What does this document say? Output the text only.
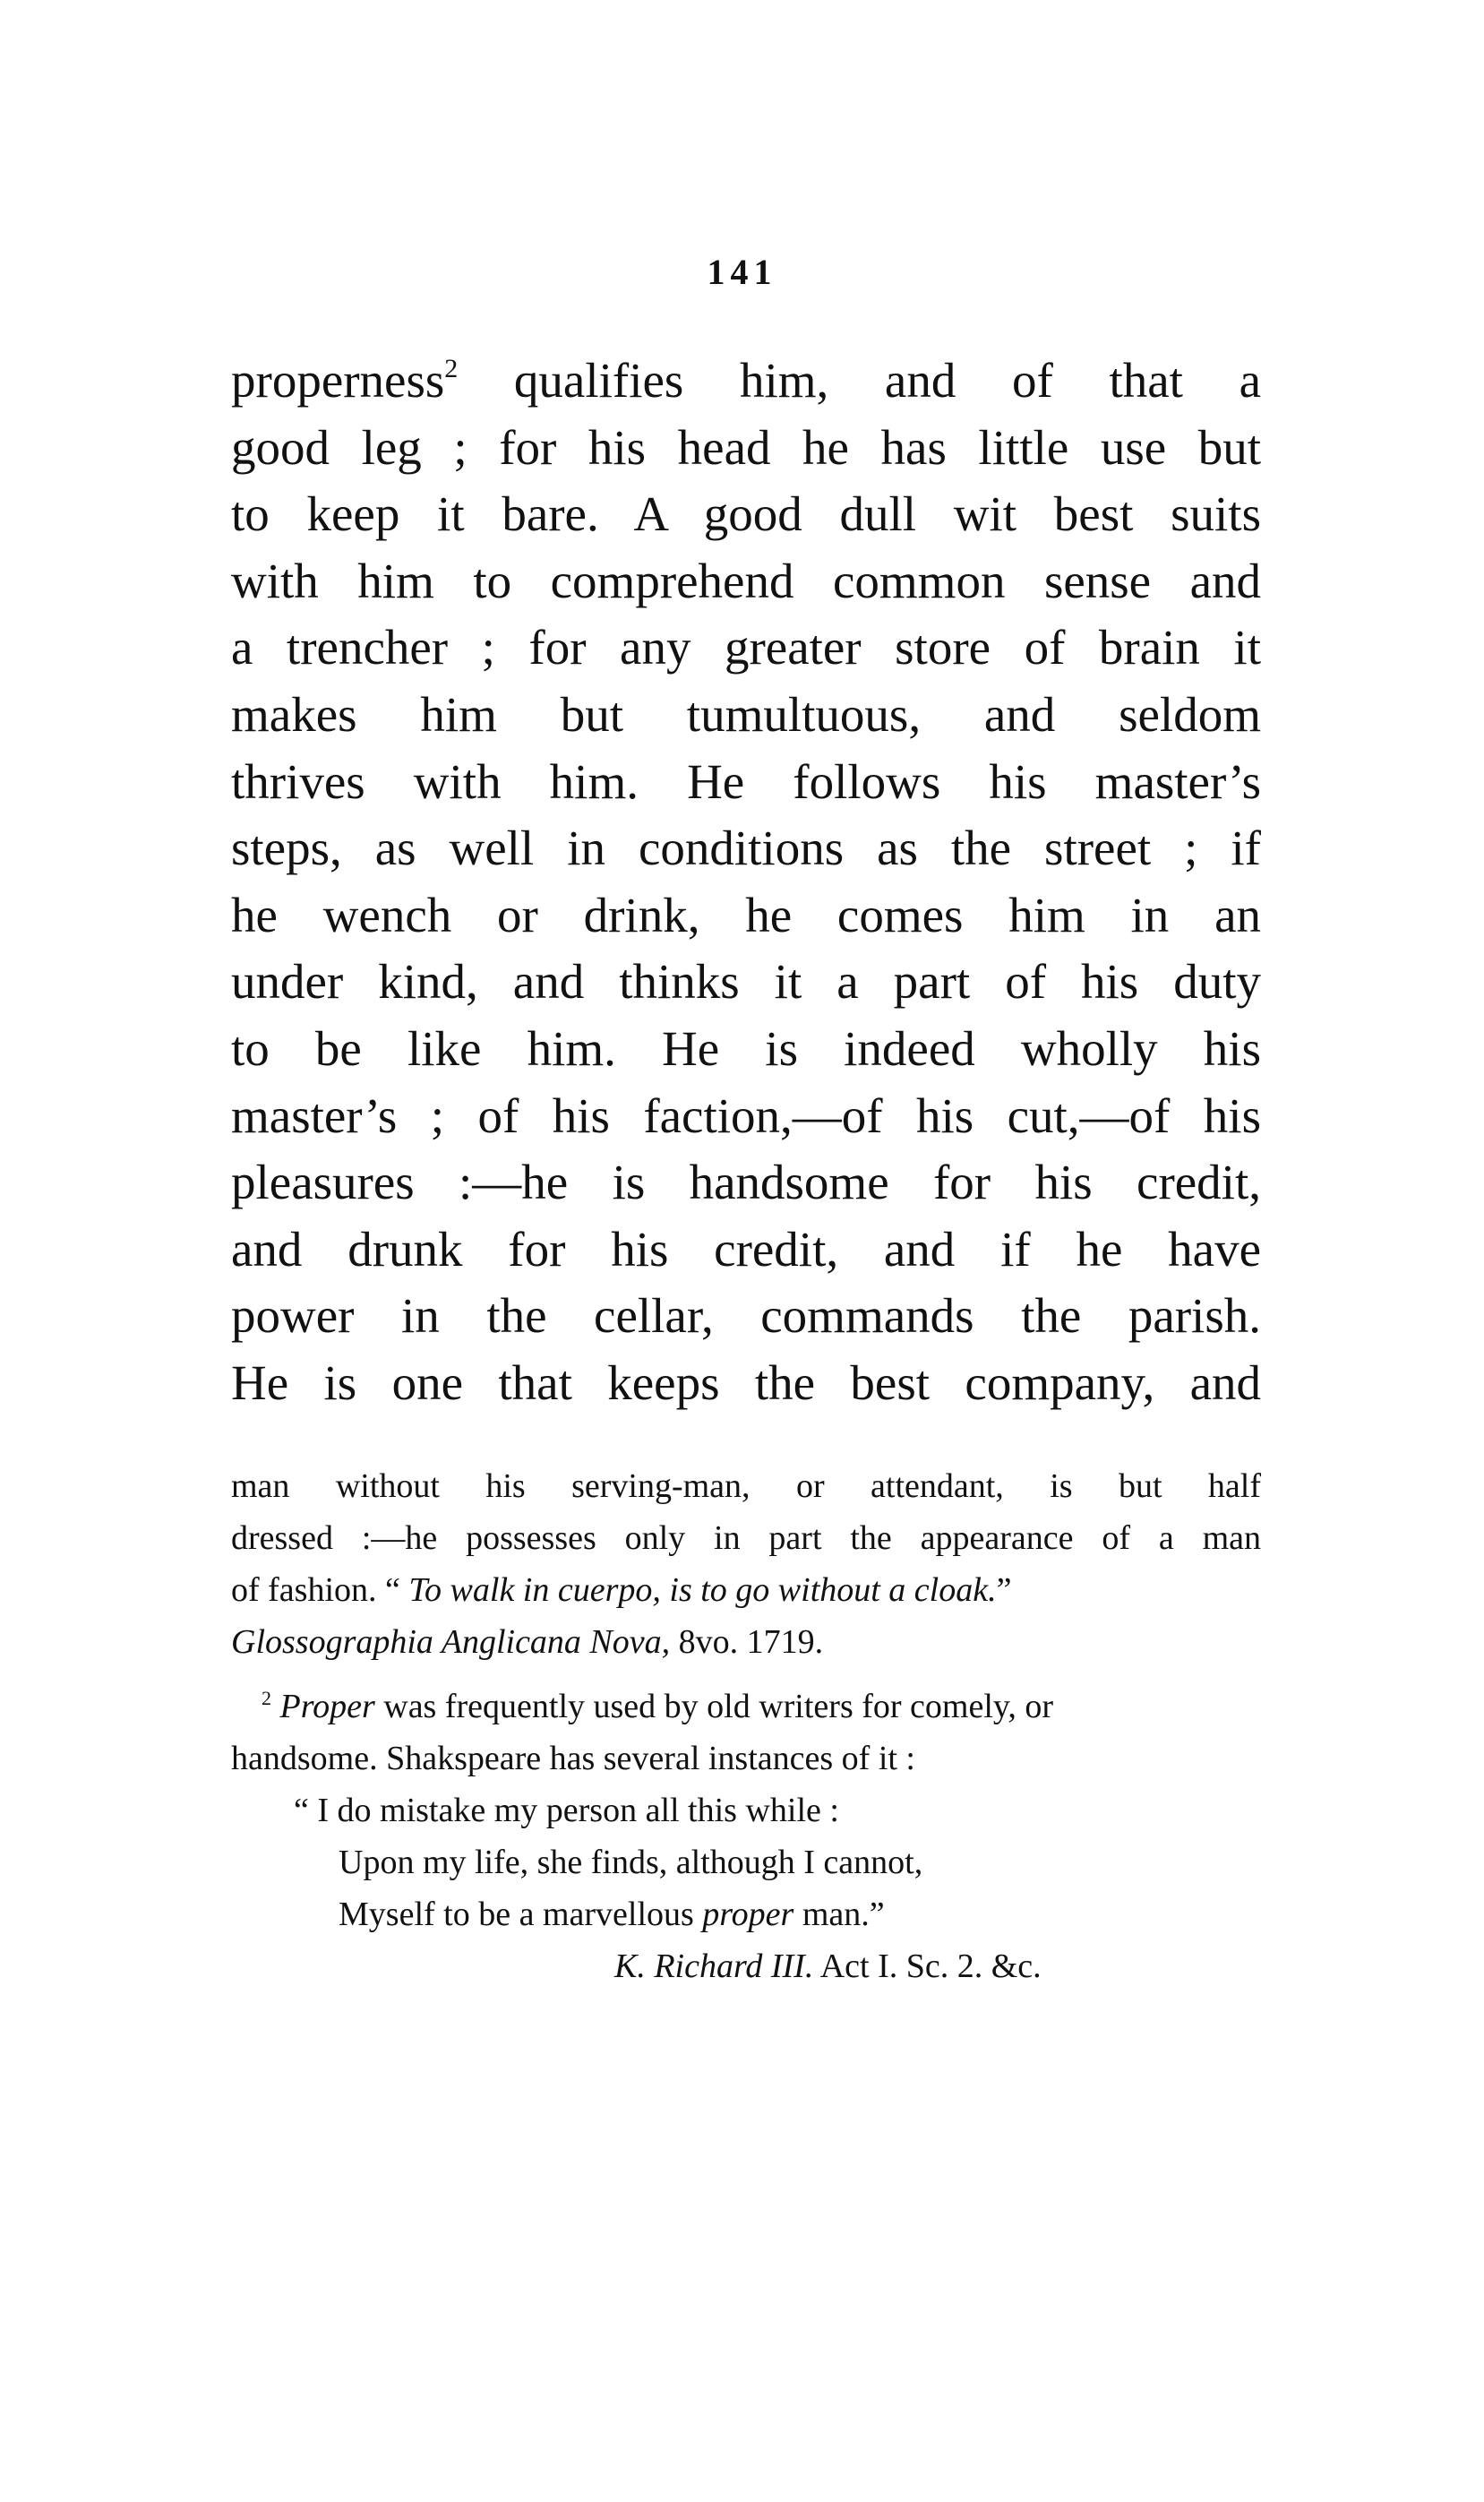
141
properness$^2$ qualifies him, and of that a
good leg ; for his head he has little use but
to keep it bare. A good dull wit best suits
with him to comprehend common sense and
a trencher ; for any greater store of brain it
makes him but tumultuous, and seldom
thrives with him. He follows his master’s
steps, as well in conditions as the street ; if
he wench or drink, he comes him in an
under kind, and thinks it a part of his duty
to be like him. He is indeed wholly his
master’s ; of his faction,—of his cut,—of his
pleasures :—he is handsome for his credit,
and drunk for his credit, and if he have
power in the cellar, commands the parish.
He is one that keeps the best company, and
man without his serving-man, or attendant, is but half
dressed :—he possesses only in part the appearance of a man
of fashion. “ To walk in cuerpo, is to go without a cloak.”
Glossographia Anglicana Nova, 8vo. 1719.
$^2$ Proper was frequently used by old writers for comely, or
handsome. Shakspeare has several instances of it :
“ I do mistake my person all this while :
Upon my life, she finds, although I cannot,
Myself to be a marvellous proper man.”
K. Richard III. Act I. Sc. 2. &c.
